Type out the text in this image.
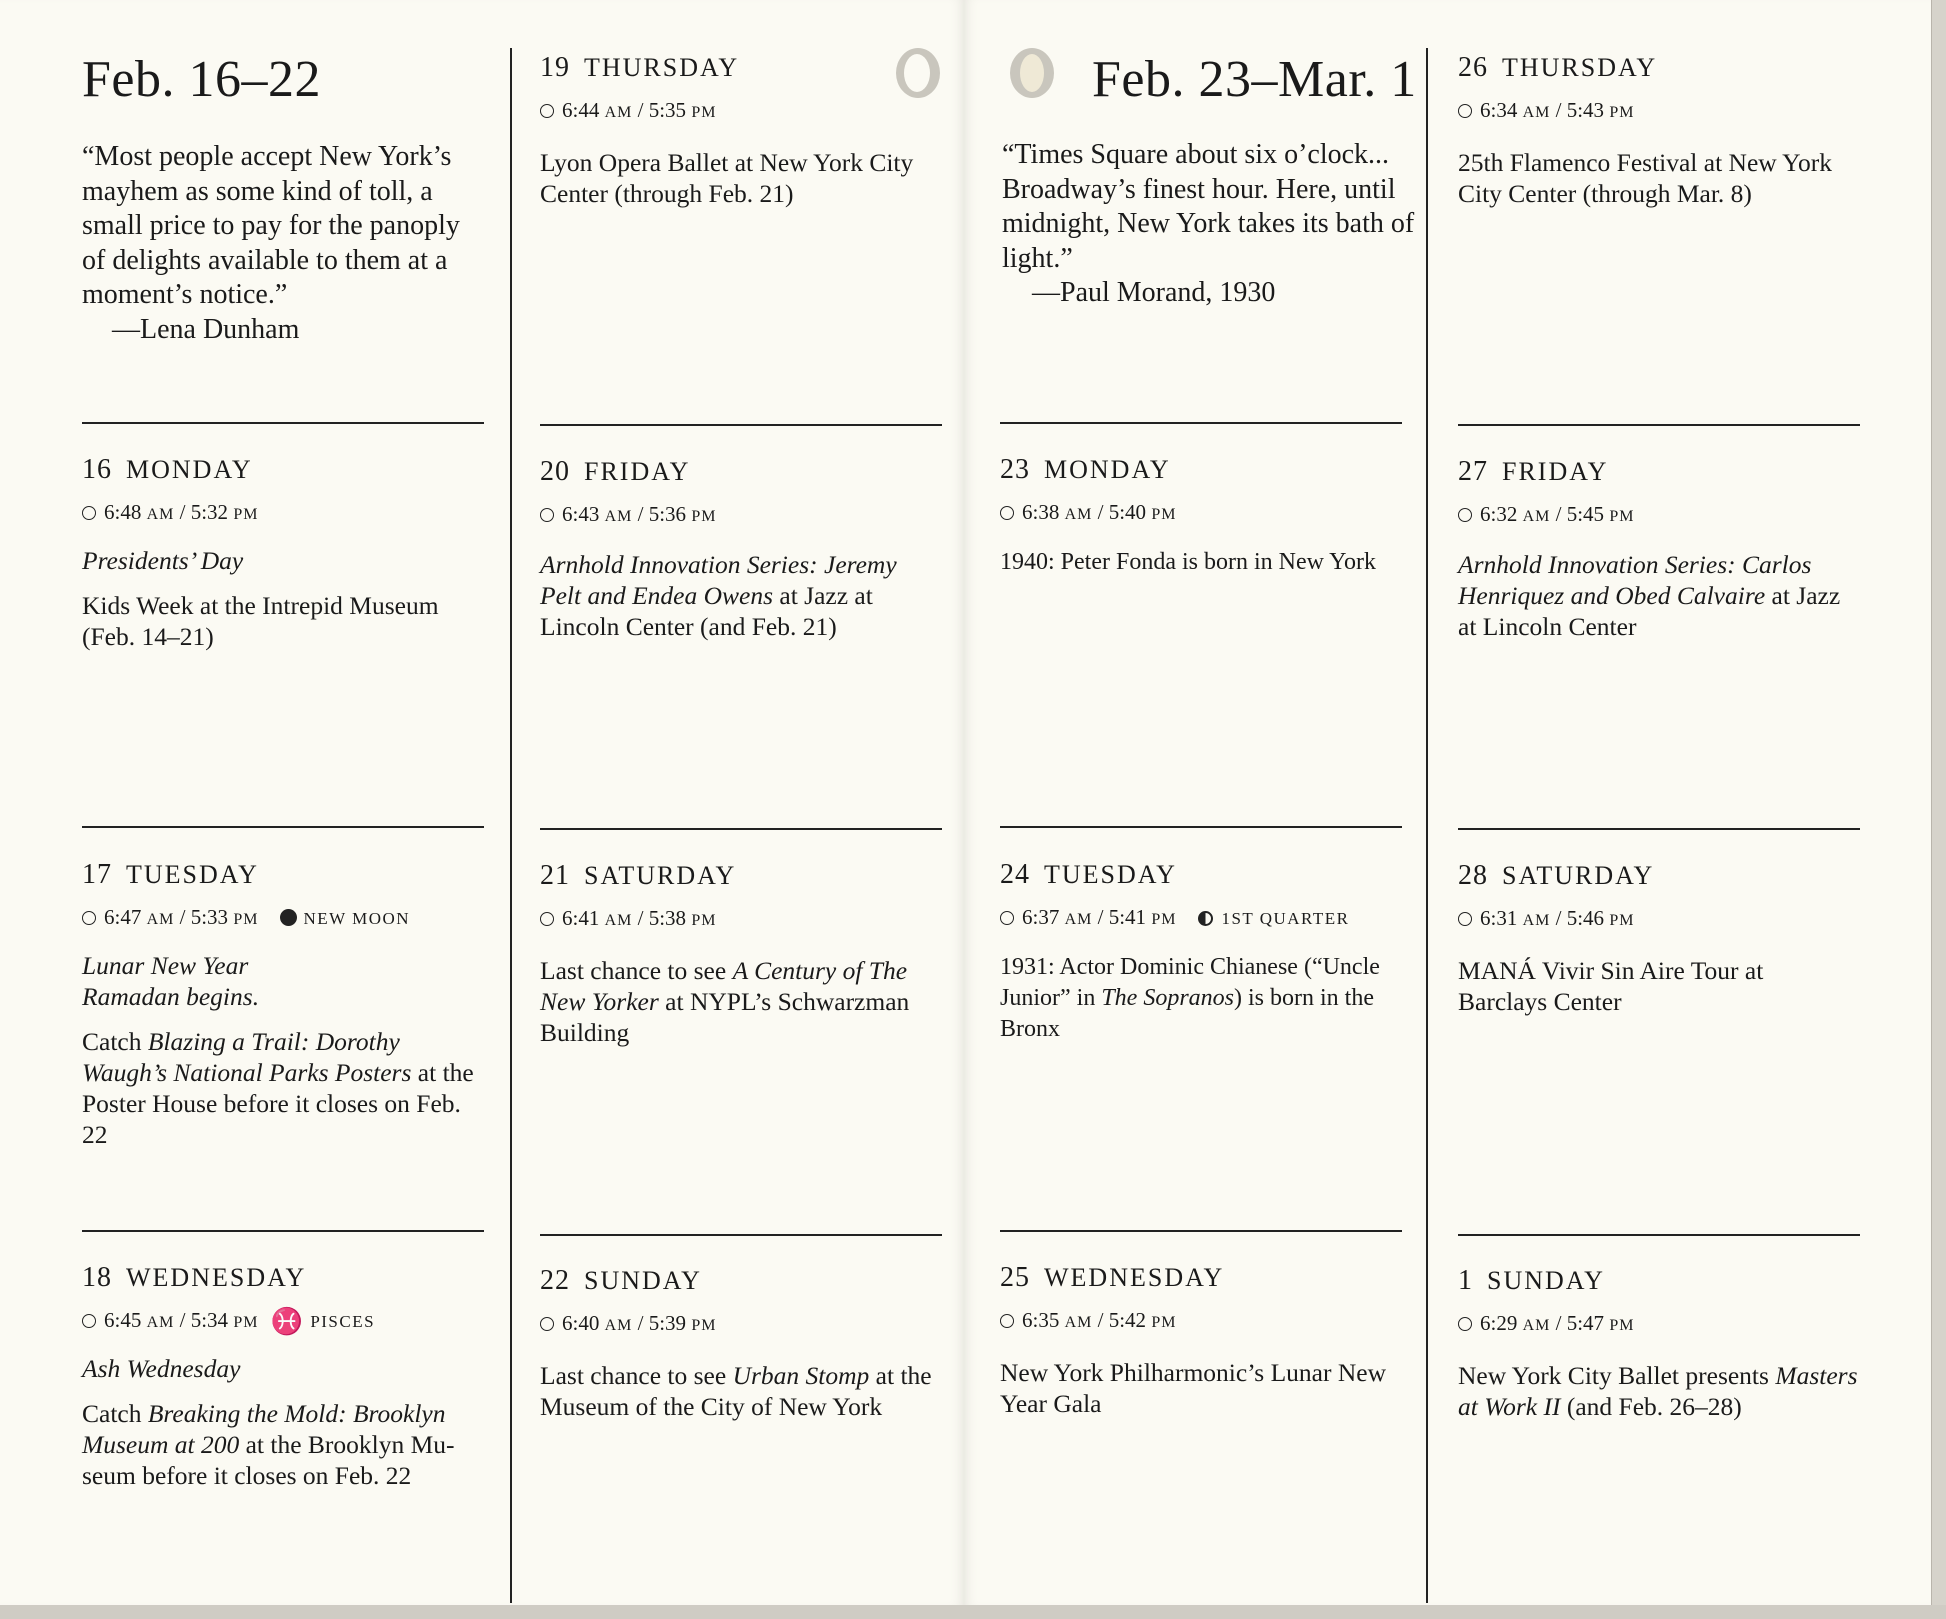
Feb. 16–22

“Most people accept New York’s mayhem as some kind of toll, a small price to pay for the panoply of delights available to them at a moment’s notice.”
—Lena Dunham

16 MONDAY
6:48 AM / 5:32 PM
Presidents’ Day
Kids Week at the Intrepid Museum (Feb. 14–21)
17 TUESDAY
6:47 AM / 5:33 PM	NEW MOON
Lunar New Year
Ramadan begins.
Catch Blazing a Trail: Dorothy Waugh’s National Parks Posters at the Poster House before it closes on Feb. 22
18 WEDNESDAY
6:45 AM / 5:34 PM ♓ PISCES
Ash Wednesday
Catch Breaking the Mold: Brooklyn Museum at 200 at the Brooklyn Mu-seum before it closes on Feb. 22
19 THURSDAY
6:44 AM / 5:35 PM
Lyon Opera Ballet at New York City Center (through Feb. 21)
20 FRIDAY
6:43 AM / 5:36 PM
Arnhold Innovation Series: Jeremy Pelt and Endea Owens at Jazz at Lincoln Center (and Feb. 21)
21 SATURDAY
6:41 AM / 5:38 PM
Last chance to see A Century of The New Yorker at NYPL’s Schwarzman Building
22 SUNDAY
6:40 AM / 5:39 PM
Last chance to see Urban Stomp at the Museum of the City of New York
Feb. 23–Mar. 1

“Times Square about six o’clock... Broadway’s finest hour. Here, until midnight, New York takes its bath of light.”
—Paul Morand, 1930

23 MONDAY
6:38 AM / 5:40 PM
1940: Peter Fonda is born in New York
24 TUESDAY
6:37 AM / 5:41 PM	1ST QUARTER
1931: Actor Dominic Chianese (“Uncle Junior” in The Sopranos) is born in the Bronx
25 WEDNESDAY
6:35 AM / 5:42 PM
New York Philharmonic’s Lunar New Year Gala
26 THURSDAY
6:34 AM / 5:43 PM
25th Flamenco Festival at New York City Center (through Mar. 8)
27 FRIDAY
6:32 AM / 5:45 PM
Arnhold Innovation Series: Carlos Henriquez and Obed Calvaire at Jazz at Lincoln Center
28 SATURDAY
6:31 AM / 5:46 PM
MANÁ Vivir Sin Aire Tour at Barclays Center
1 SUNDAY
6:29 AM / 5:47 PM
New York City Ballet presents Masters at Work II (and Feb. 26–28)
